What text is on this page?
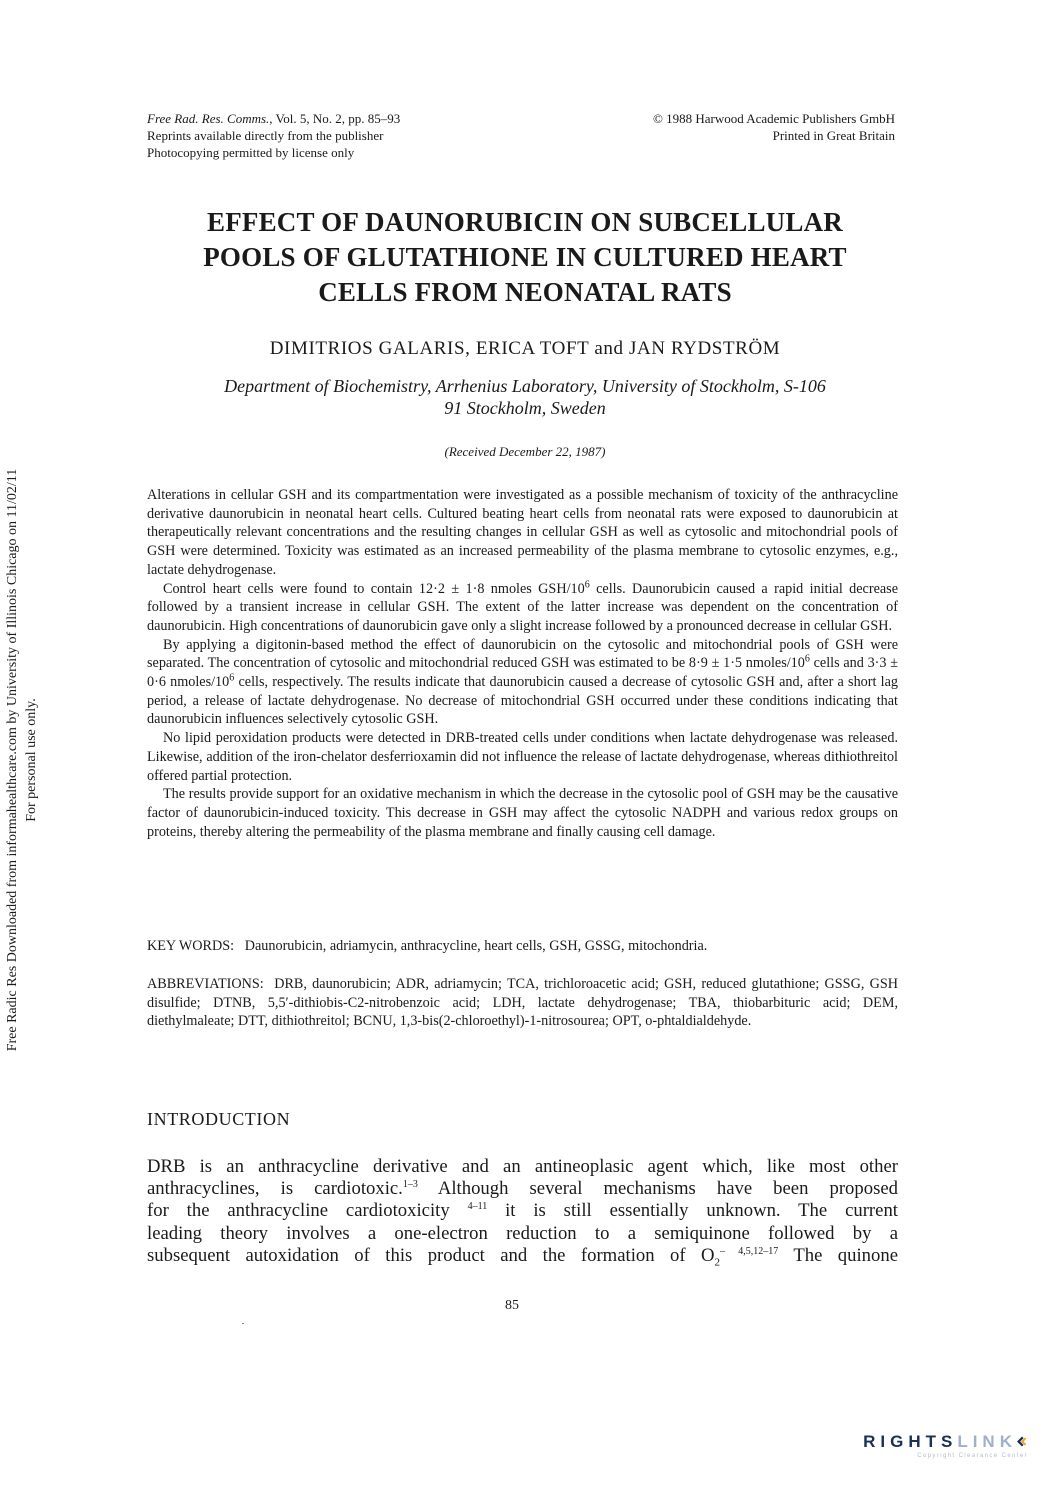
Free Rad. Res. Comms., Vol. 5, No. 2, pp. 85–93
Reprints available directly from the publisher
Photocopying permitted by license only
© 1988 Harwood Academic Publishers GmbH
Printed in Great Britain
EFFECT OF DAUNORUBICIN ON SUBCELLULAR
POOLS OF GLUTATHIONE IN CULTURED HEART
CELLS FROM NEONATAL RATS
DIMITRIOS GALARIS, ERICA TOFT and JAN RYDSTRÖM
Department of Biochemistry, Arrhenius Laboratory, University of Stockholm, S-106
91 Stockholm, Sweden
(Received December 22, 1987)

Alterations in cellular GSH and its compartmentation were investigated as a possible mechanism of toxicity of the anthracycline derivative daunorubicin in neonatal heart cells. Cultured beating heart cells from neonatal rats were exposed to daunorubicin at therapeutically relevant concentrations and the resulting changes in cellular GSH as well as cytosolic and mitochondrial pools of GSH were determined. Toxicity was estimated as an increased permeability of the plasma membrane to cytosolic enzymes, e.g., lactate dehydrogenase.

Control heart cells were found to contain 12·2 ± 1·8 nmoles GSH/$10^6$ cells. Daunorubicin caused a rapid initial decrease followed by a transient increase in cellular GSH. The extent of the latter increase was dependent on the concentration of daunorubicin. High concentrations of daunorubicin gave only a slight increase followed by a pronounced decrease in cellular GSH.

By applying a digitonin-based method the effect of daunorubicin on the cytosolic and mitochondrial pools of GSH were separated. The concentration of cytosolic and mitochondrial reduced GSH was estimated to be 8·9 ± 1·5 nmoles/$10^6$ cells and 3·3 ± 0·6 nmoles/$10^6$ cells, respectively. The results indicate that daunorubicin caused a decrease of cytosolic GSH and, after a short lag period, a release of lactate dehydrogenase. No decrease of mitochondrial GSH occurred under these conditions indicating that daunorubicin influences selectively cytosolic GSH.

No lipid peroxidation products were detected in DRB-treated cells under conditions when lactate dehydrogenase was released. Likewise, addition of the iron-chelator desferrioxamin did not influence the release of lactate dehydrogenase, whereas dithiothreitol offered partial protection.

The results provide support for an oxidative mechanism in which the decrease in the cytosolic pool of GSH may be the causative factor of daunorubicin-induced toxicity. This decrease in GSH may affect the cytosolic NADPH and various redox groups on proteins, thereby altering the permeability of the plasma membrane and finally causing cell damage.

KEY WORDS: Daunorubicin, adriamycin, anthracycline, heart cells, GSH, GSSG, mitochondria.
ABBREVIATIONS: DRB, daunorubicin; ADR, adriamycin; TCA, trichloroacetic acid; GSH, reduced glutathione; GSSG, GSH disulfide; DTNB, 5,5′-dithiobis-C2-nitrobenzoic acid; LDH, lactate dehydrogenase; TBA, thiobarbituric acid; DEM, diethylmaleate; DTT, dithiothreitol; BCNU, 1,3-bis(2-chloroethyl)-1-nitrosourea; OPT, o-phtaldialdehyde.
INTRODUCTION
DRB is an anthracycline derivative and an antineoplasic agent which, like most other
anthracyclines, is cardiotoxic.$^{1-3}$ Although several mechanisms have been proposed
for the anthracycline cardiotoxicity $^{4-11}$ it is still essentially unknown. The current
leading theory involves a one-electron reduction to a semiquinone followed by a
subsequent autoxidation of this product and the formation of $O_2^{- 4,5,12-17}$ The quinone
85
Free Radic Res Downloaded from informahealthcare.com by University of Illinois Chicago on 11/02/11 For personal use only.
RIGHTSLINK
Copyright Clearance Center
